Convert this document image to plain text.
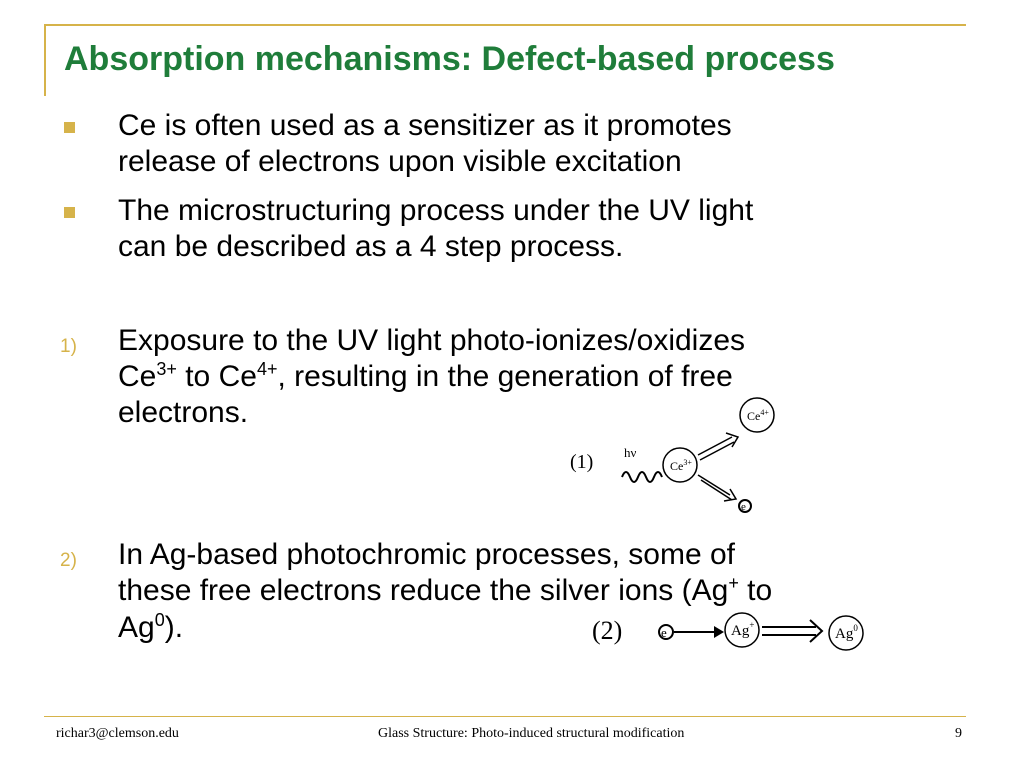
Absorption mechanisms: Defect-based process
Ce is often used as a sensitizer as it promotes
release of electrons upon visible excitation
The microstructuring process under the UV light
can be described as a 4 step process.
1) Exposure to the UV light photo-ionizes/oxidizes
$Ce^{3+}$ to $Ce^{4+}$, resulting in the generation of free
electrons.
2) In Ag-based photochromic processes, some of
these free electrons reduce the silver ions (Ag+ to
Ag$^0$).
(1) hν
$Ce^{3+}$
$Ce^{4+}$
e
(2)	e	Ag+
Ag$^0$
richar3@clemson.edu	Glass Structure: Photo-induced structural modification	9
